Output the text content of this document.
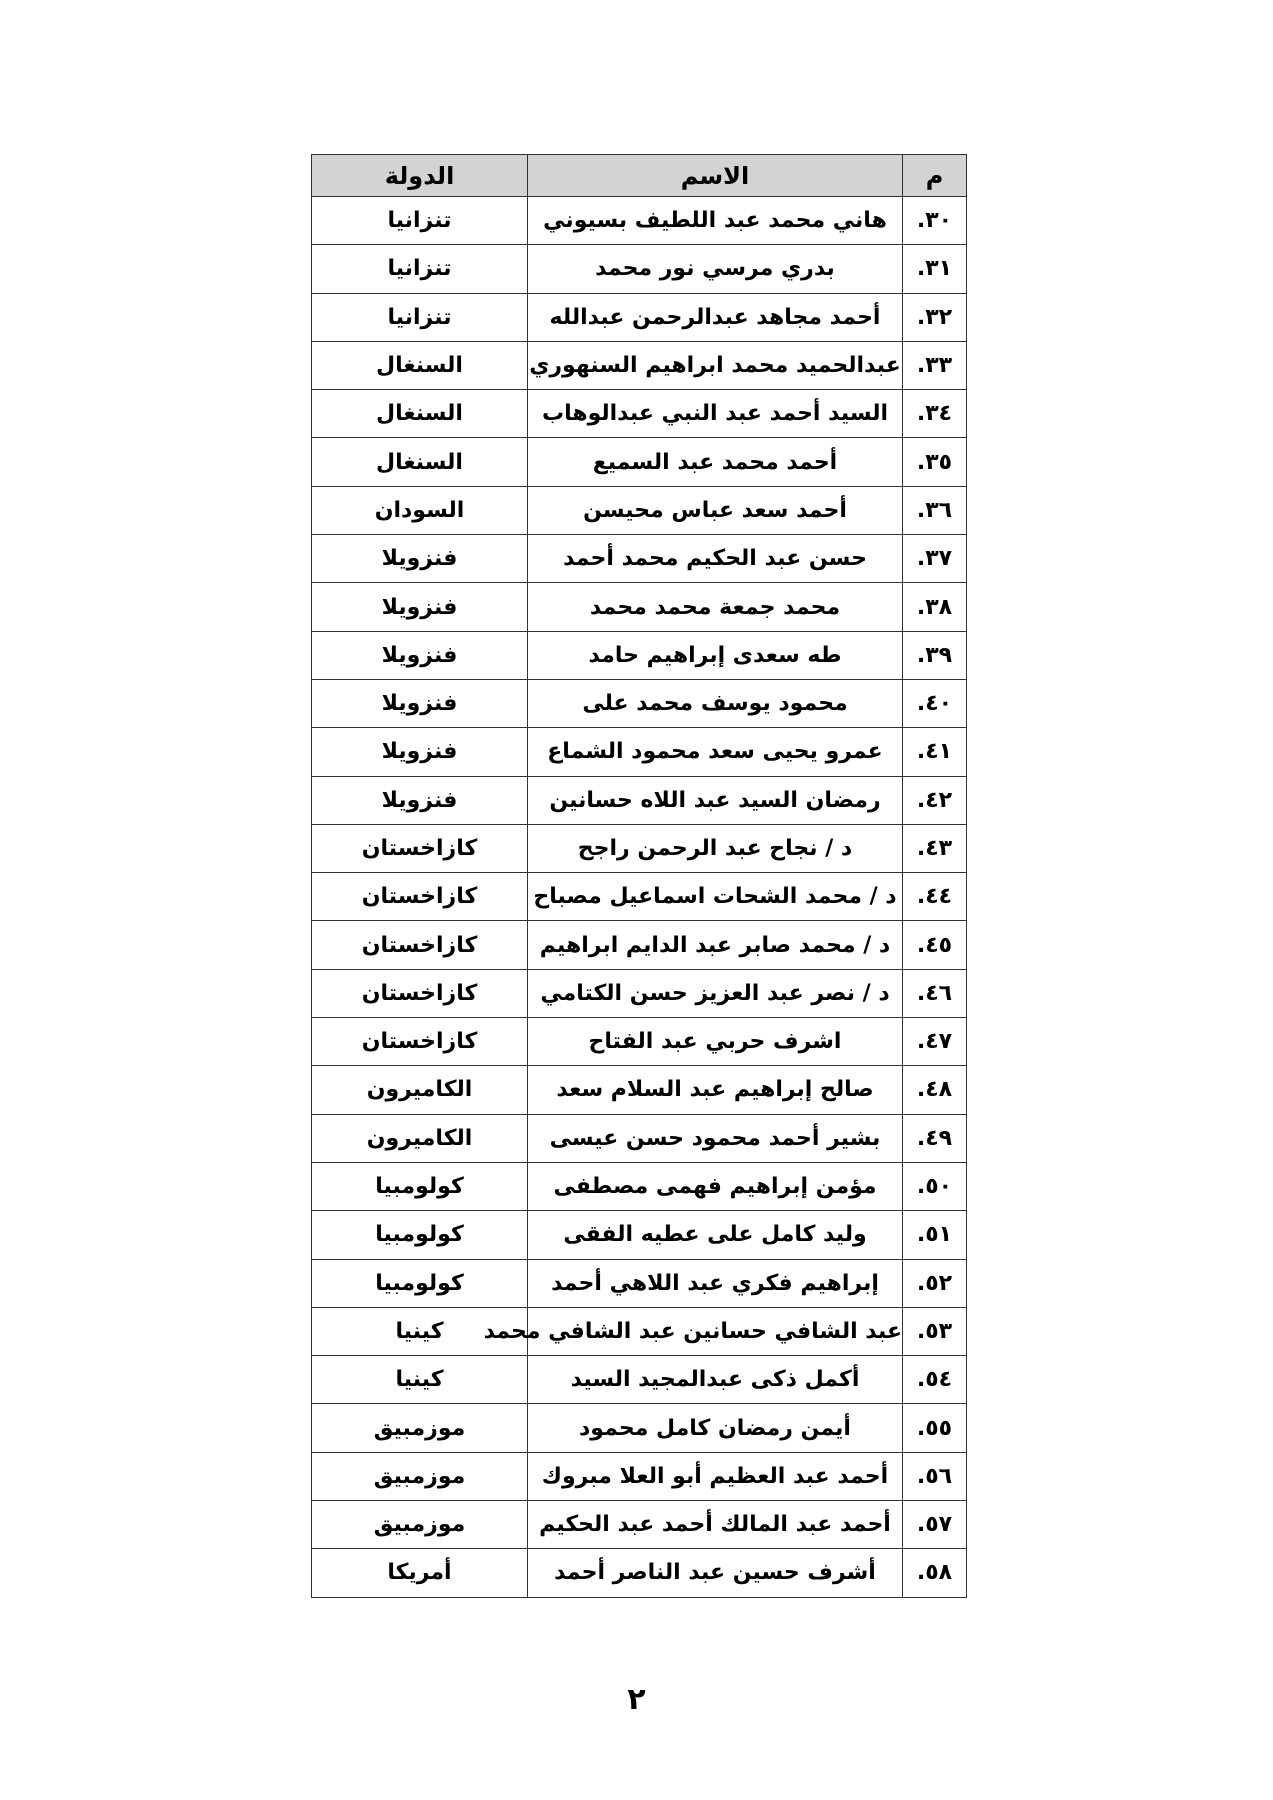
م	الاسم	الدولة
٣٠.	هاني محمد عبد اللطيف بسيوني	تنزانيا
٣١.	بدري مرسي نور محمد	تنزانيا
٣٢.	أحمد مجاهد عبدالرحمن عبدالله	تنزانيا
٣٣.	عبدالحميد محمد ابراهيم السنهوري	السنغال
٣٤.	السيد أحمد عبد النبي عبدالوهاب	السنغال
٣٥.	أحمد محمد عبد السميع	السنغال
٣٦.	أحمد سعد عباس محيسن	السودان
٣٧.	حسن عبد الحكيم محمد أحمد	فنزويلا
٣٨.	محمد جمعة محمد محمد	فنزويلا
٣٩.	طه سعدى إبراهيم حامد	فنزويلا
٤٠.	محمود يوسف محمد على	فنزويلا
٤١.	عمرو يحيى سعد محمود الشماع	فنزويلا
٤٢.	رمضان السيد عبد اللاه حسانين	فنزويلا
٤٣.	د / نجاح عبد الرحمن راجح	كازاخستان
٤٤.	د / محمد الشحات اسماعيل مصباح	كازاخستان
٤٥.	د / محمد صابر عبد الدايم ابراهيم	كازاخستان
٤٦.	د / نصر عبد العزيز حسن الكتامي	كازاخستان
٤٧.	اشرف حربي عبد الفتاح	كازاخستان
٤٨.	صالح إبراهيم عبد السلام سعد	الكاميرون
٤٩.	بشير أحمد محمود حسن عيسى	الكاميرون
٥٠.	مؤمن إبراهيم فهمى مصطفى	كولومبيا
٥١.	وليد كامل على عطيه الفقى	كولومبيا
٥٢.	إبراهيم فكري عبد اللاهي أحمد	كولومبيا
٥٣.	عبد الشافي حسانين عبد الشافي محمد	كينيا
٥٤.	أكمل ذكى عبدالمجيد السيد	كينيا
٥٥.	أيمن رمضان كامل محمود	موزمبيق
٥٦.	أحمد عبد العظيم أبو العلا مبروك	موزمبيق
٥٧.	أحمد عبد المالك أحمد عبد الحكيم	موزمبيق
٥٨.	أشرف حسين عبد الناصر أحمد	أمريكا
٢
